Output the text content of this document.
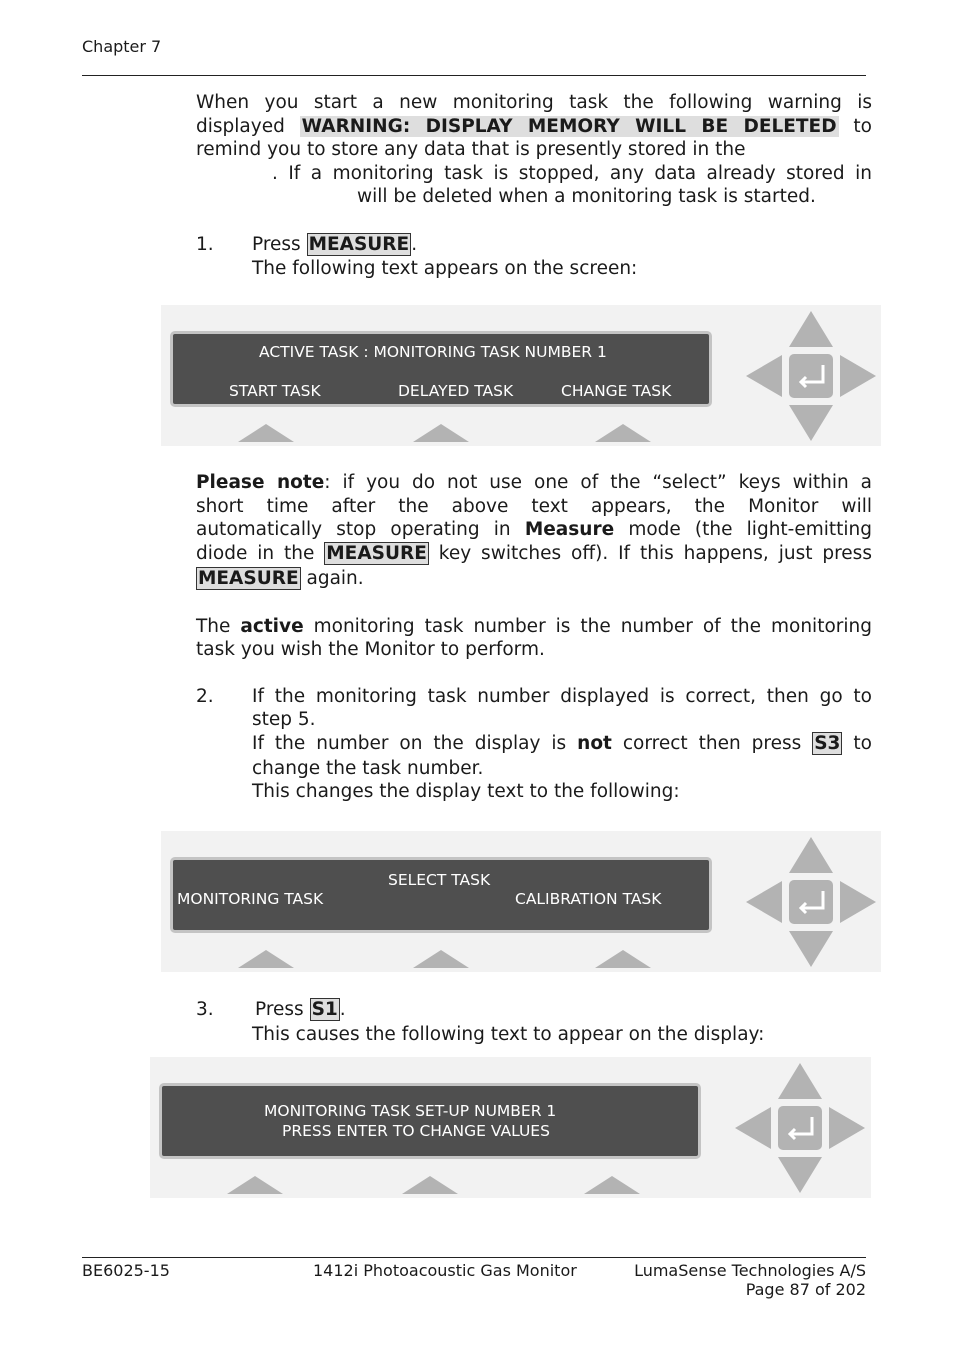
Chapter 7
When you start a new monitoring task the following warning is
displayed WARNING: DISPLAY MEMORY WILL BE DELETED to
remind you to store any data that is presently stored in the
. If a monitoring task is stopped, any data already stored in
will be deleted when a monitoring task is started.
1. Press MEASURE .
The following text appears on the screen:
ACTIVE TASK : MONITORING TASK NUMBER 1
START TASK	DELAYED TASK	CHANGE TASK
Please note: if you do not use one of the “select” keys within a
short time after the above text appears, the Monitor will
automatically stop operating in Measure mode (the light-emitting
diode in the MEASURE key switches off). If this happens, just press
MEASURE again.
The active monitoring task number is the number of the monitoring
task you wish the Monitor to perform.
2. If the monitoring task number displayed is correct, then go to
step 5.
If the number on the display is not correct then press S3 to
change the task number.
This changes the display text to the following:
SELECT TASK
MONITORING TASK	CALIBRATION TASK
3. Press S1 .
This causes the following text to appear on the display:
MONITORING TASK SET-UP NUMBER 1
PRESS ENTER TO CHANGE VALUES
BE6025-15	1412i Photoacoustic Gas Monitor	LumaSense Technologies A/S
Page 87 of 202
